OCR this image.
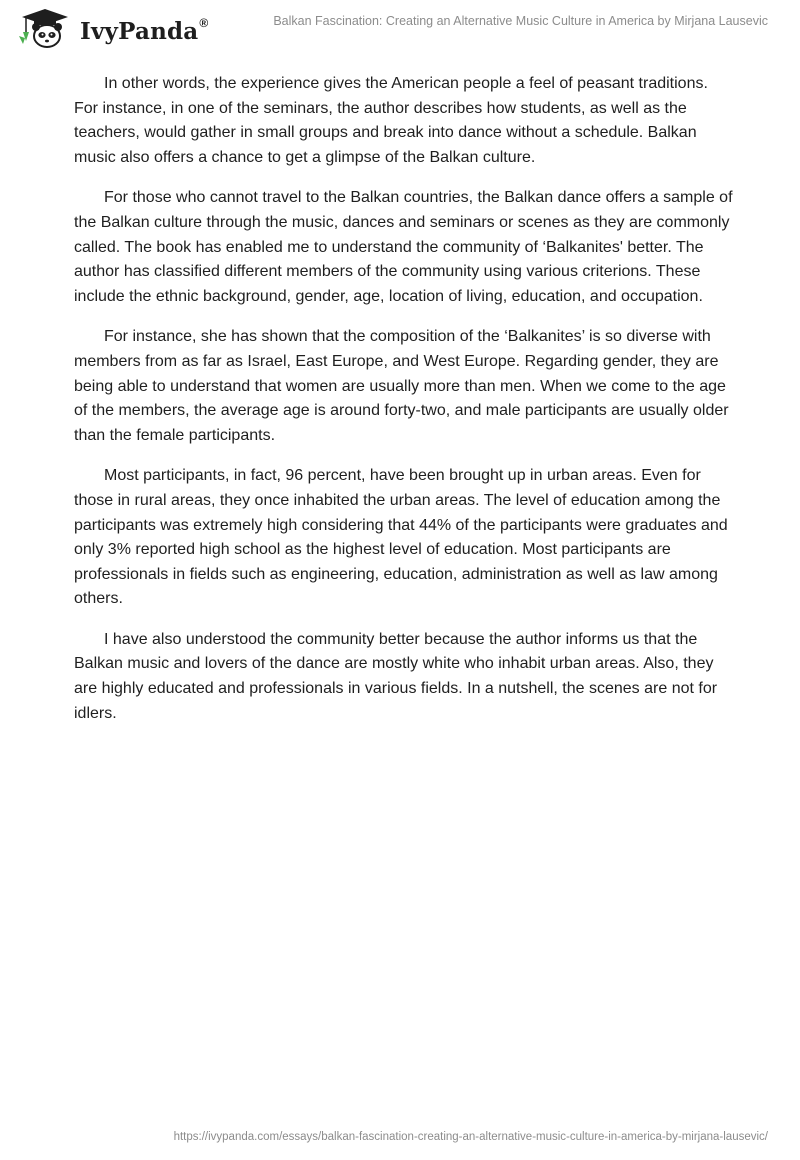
IvyPanda®	Balkan Fascination: Creating an Alternative Music Culture in America by Mirjana Lausevic

In other words, the experience gives the American people a feel of peasant traditions. For instance, in one of the seminars, the author describes how students, as well as the teachers, would gather in small groups and break into dance without a schedule. Balkan music also offers a chance to get a glimpse of the Balkan culture.

For those who cannot travel to the Balkan countries, the Balkan dance offers a sample of the Balkan culture through the music, dances and seminars or scenes as they are commonly called. The book has enabled me to understand the community of ‘Balkanites' better. The author has classified different members of the community using various criterions. These include the ethnic background, gender, age, location of living, education, and occupation.

For instance, she has shown that the composition of the ‘Balkanites’ is so diverse with members from as far as Israel, East Europe, and West Europe. Regarding gender, they are being able to understand that women are usually more than men. When we come to the age of the members, the average age is around forty-two, and male participants are usually older than the female participants.

Most participants, in fact, 96 percent, have been brought up in urban areas. Even for those in rural areas, they once inhabited the urban areas. The level of education among the participants was extremely high considering that 44% of the participants were graduates and only 3% reported high school as the highest level of education. Most participants are professionals in fields such as engineering, education, administration as well as law among others.

I have also understood the community better because the author informs us that the Balkan music and lovers of the dance are mostly white who inhabit urban areas. Also, they are highly educated and professionals in various fields. In a nutshell, the scenes are not for idlers.

https://ivypanda.com/essays/balkan-fascination-creating-an-alternative-music-culture-in-america-by-mirjana-lausevic/
